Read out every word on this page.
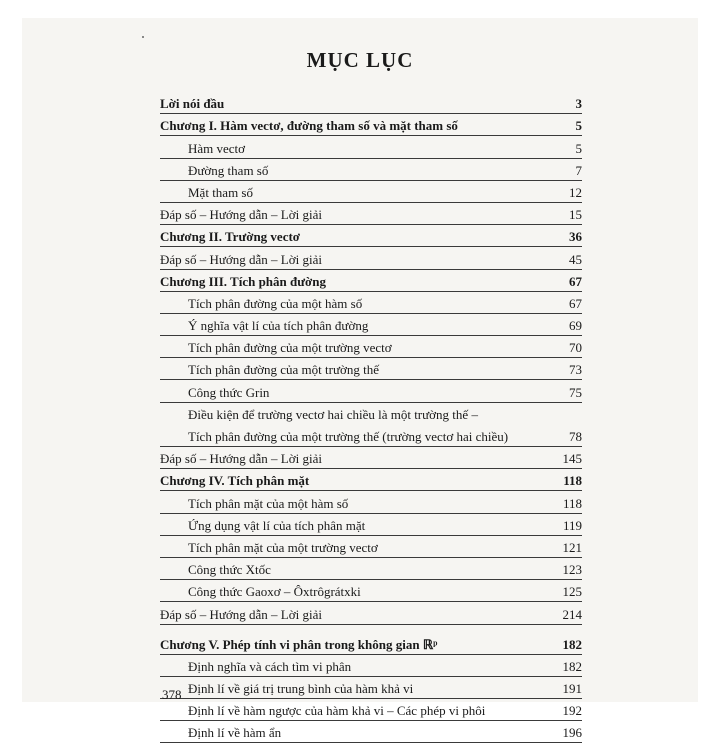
MỤC LỤC
Lời nói đầu	3
Chương I. Hàm vectơ, đường tham số và mặt tham số	5
Hàm vectơ	5
Đường tham số	7
Mặt tham số	12
Đáp số – Hướng dẫn – Lời giải	15
Chương II. Trường vectơ	36
Đáp số – Hướng dẫn – Lời giải	45
Chương III. Tích phân đường	67
Tích phân đường của một hàm số	67
Ý nghĩa vật lí của tích phân đường	69
Tích phân đường của một trường vectơ	70
Tích phân đường của một trường thế	73
Công thức Grin	75
Điều kiện để trường vectơ hai chiều là một trường thế –
Tích phân đường của một trường thế (trường vectơ hai chiều)	78
Đáp số – Hướng dẫn – Lời giải	145
Chương IV. Tích phân mặt	118
Tích phân mặt của một hàm số	118
Ứng dụng vật lí của tích phân mặt	119
Tích phân mặt của một trường vectơ	121
Công thức Xtốc	123
Công thức Gaoxơ – Ôxtrôgrátxki	125
Đáp số – Hướng dẫn – Lời giải	214
Chương V. Phép tính vi phân trong không gian ℝᵖ	182
Định nghĩa và cách tìm vi phân	182
Định lí về giá trị trung bình của hàm khả vi	191
Định lí về hàm ngược của hàm khả vi – Các phép vi phôi	192
Định lí về hàm ẩn	196
378
